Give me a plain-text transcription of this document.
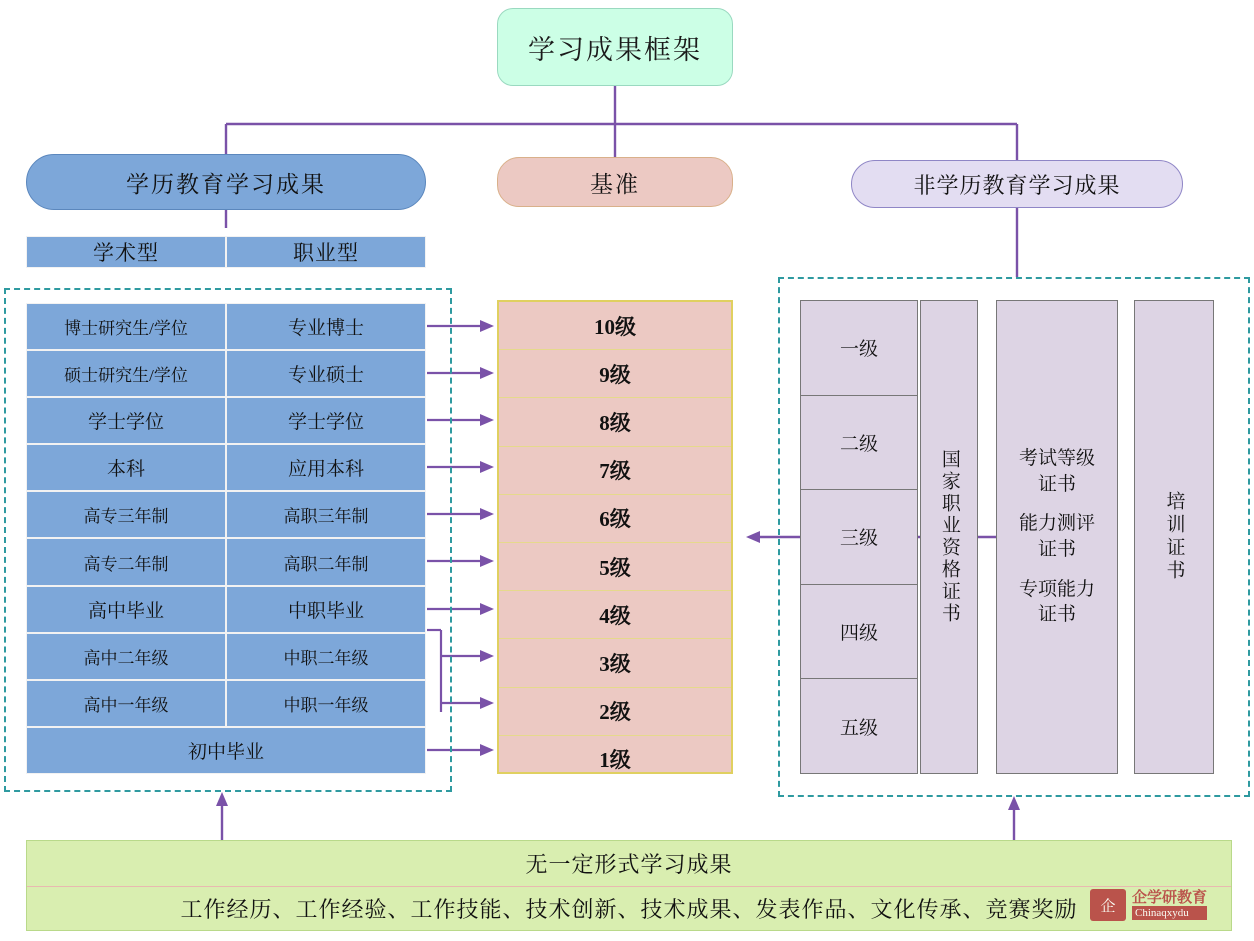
学习成果框架
学历教育学习成果	基准	非学历教育学习成果
学术型	职业型
博士研究生/学位	专业博士
硕士研究生/学位	专业硕士
学士学位	学士学位
本科	应用本科
高专三年制	高职三年制
高专二年制	高职二年制
高中毕业	中职毕业
高中二年级	中职二年级
高中一年级	中职一年级
初中毕业
10级
9级
8级
7级
6级
5级
4级
3级
2级
1级
一级
二级
三级
四级
五级
国家职业资格证书	考试等级
证书
能力测评
证书
专项能力
证书
培训证书
无一定形式学习成果
工作经历、工作经验、工作技能、技术创新、技术成果、发表作品、文化传承、竞赛奖励	企
企学研教育
Chinaqxydu
